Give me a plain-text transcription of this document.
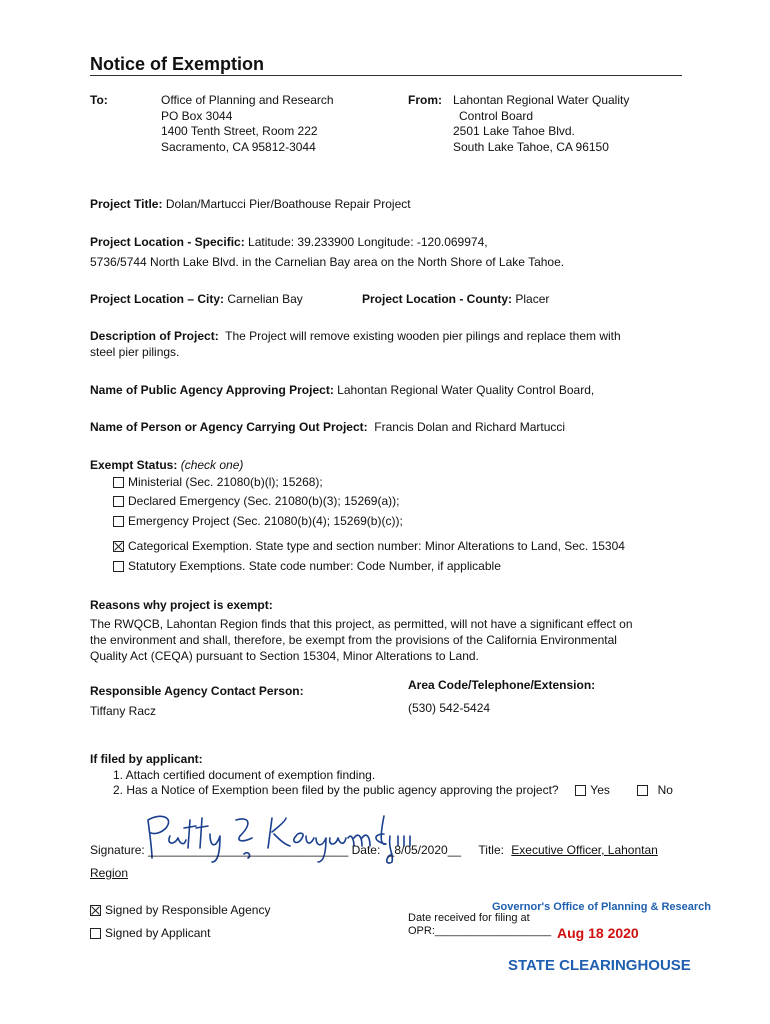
Notice of Exemption
To:	Office of Planning and Research
PO Box 3044
1400 Tenth Street, Room 222
Sacramento, CA 95812-3044
From: Lahontan Regional Water Quality
Control Board
2501 Lake Tahoe Blvd.
South Lake Tahoe, CA 96150
Project Title: Dolan/Martucci Pier/Boathouse Repair Project
Project Location - Specific: Latitude: 39.233900 Longitude: -120.069974,
5736/5744 North Lake Blvd. in the Carnelian Bay area on the North Shore of Lake Tahoe.
Project Location – City: Carnelian Bay	Project Location - County: Placer
Description of Project: The Project will remove existing wooden pier pilings and replace them with
steel pier pilings.
Name of Public Agency Approving Project: Lahontan Regional Water Quality Control Board,
Name of Person or Agency Carrying Out Project: Francis Dolan and Richard Martucci
Exempt Status: (check one)
Ministerial (Sec. 21080(b)(l); 15268);
Declared Emergency (Sec. 21080(b)(3); 15269(a));
Emergency Project (Sec. 21080(b)(4); 15269(b)(c));
Categorical Exemption. State type and section number: Minor Alterations to Land, Sec. 15304
Statutory Exemptions. State code number: Code Number, if applicable
Reasons why project is exempt:
The RWQCB, Lahontan Region finds that this project, as permitted, will not have a significant effect on
the environment and shall, therefore, be exempt from the provisions of the California Environmental
Quality Act (CEQA) pursuant to Section 15304, Minor Alterations to Land.
Responsible Agency Contact Person:
Tiffany Racz
Area Code/Telephone/Extension:
(530) 542-5424
If filed by applicant:
1. Attach certified document of exemption finding.
2. Has a Notice of Exemption been filed by the public agency approving the project?	Yes	No
Signature: ______________________________ Date: _8/05/2020__ Title: Executive Officer, Lahontan
Region
Signed by Responsible Agency
Signed by Applicant
Governor's Office of Planning & Research
Date received for filing at
OPR:___________________ Aug 18 2020
STATE CLEARINGHOUSE
